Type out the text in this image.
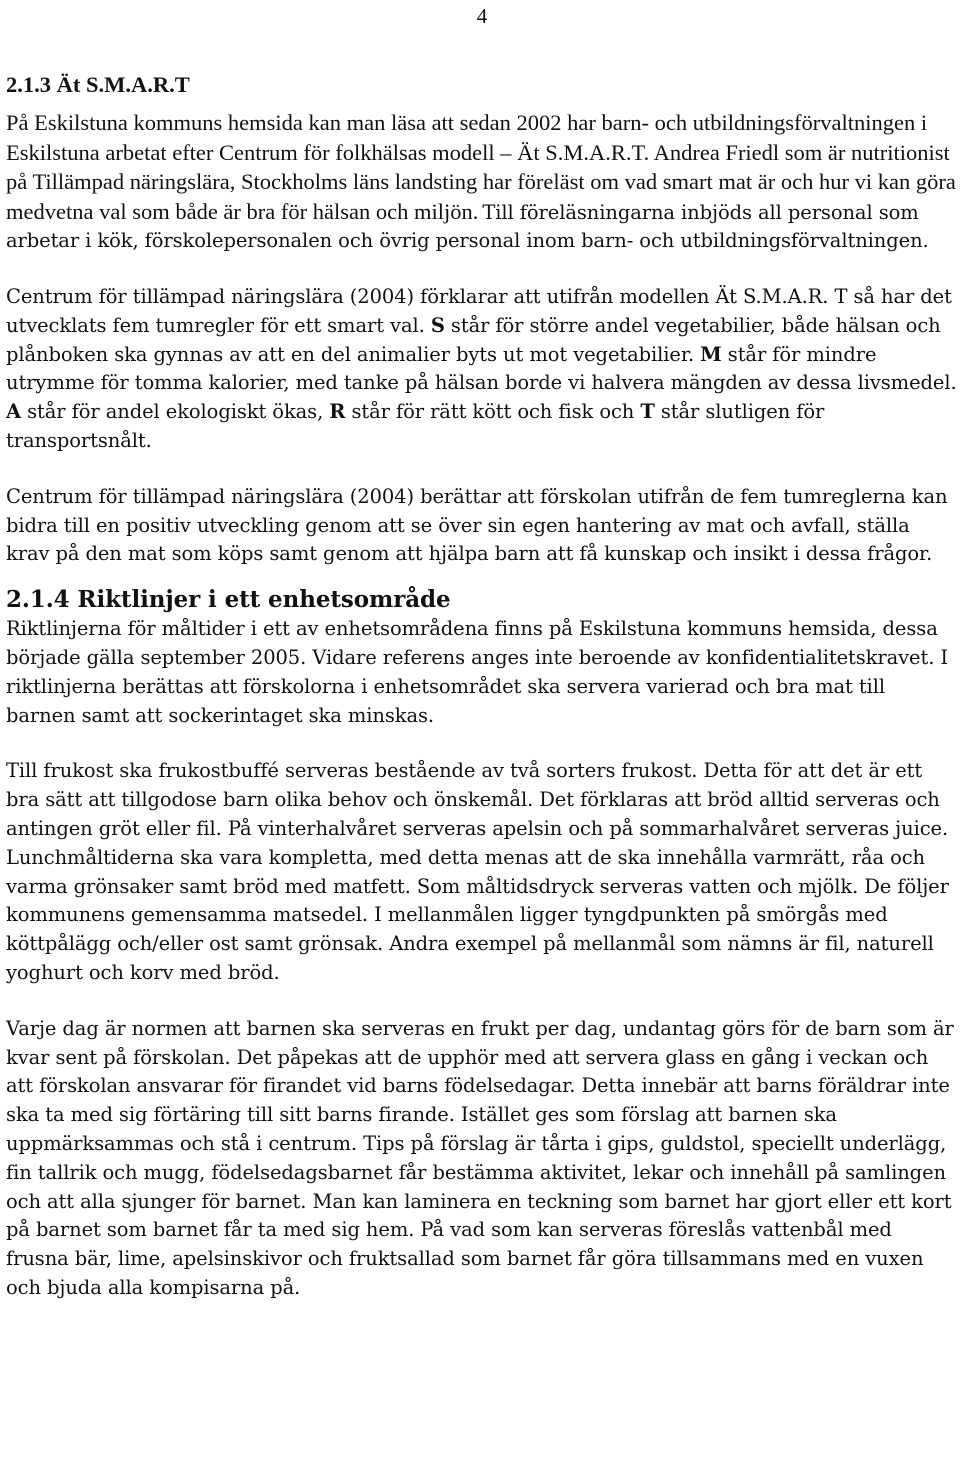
4
2.1.3 Ät S.M.A.R.T

På Eskilstuna kommuns hemsida kan man läsa att sedan 2002 har barn- och utbildningsförvaltningen i Eskilstuna arbetat efter Centrum för folkhälsas modell – Ät S.M.A.R.T. Andrea Friedl som är nutritionist på Tillämpad näringslära, Stockholms läns landsting har föreläst om vad smart mat är och hur vi kan göra medvetna val som både är bra för hälsan och miljön. Till föreläsningarna inbjöds all personal som arbetar i kök, förskolepersonalen och övrig personal inom barn- och utbildningsförvaltningen.

Centrum för tillämpad näringslära (2004) förklarar att utifrån modellen Ät S.M.A.R. T så har det utvecklats fem tumregler för ett smart val. S står för större andel vegetabilier, både hälsan och plånboken ska gynnas av att en del animalier byts ut mot vegetabilier. M står för mindre utrymme för tomma kalorier, med tanke på hälsan borde vi halvera mängden av dessa livsmedel. A står för andel ekologiskt ökas, R står för rätt kött och fisk och T står slutligen för transportsnålt.

Centrum för tillämpad näringslära (2004) berättar att förskolan utifrån de fem tumreglerna kan bidra till en positiv utveckling genom att se över sin egen hantering av mat och avfall, ställa krav på den mat som köps samt genom att hjälpa barn att få kunskap och insikt i dessa frågor.

2.1.4 Riktlinjer i ett enhetsområde

Riktlinjerna för måltider i ett av enhetsområdena finns på Eskilstuna kommuns hemsida, dessa började gälla september 2005. Vidare referens anges inte beroende av konfidentialitetskravet. I riktlinjerna berättas att förskolorna i enhetsområdet ska servera varierad och bra mat till barnen samt att sockerintaget ska minskas.

Till frukost ska frukostbuffé serveras bestående av två sorters frukost. Detta för att det är ett bra sätt att tillgodose barn olika behov och önskemål. Det förklaras att bröd alltid serveras och antingen gröt eller fil. På vinterhalvåret serveras apelsin och på sommarhalvåret serveras juice. Lunchmåltiderna ska vara kompletta, med detta menas att de ska innehålla varmrätt, råa och varma grönsaker samt bröd med matfett. Som måltidsdryck serveras vatten och mjölk. De följer kommunens gemensamma matsedel. I mellanmålen ligger tyngdpunkten på smörgås med köttpålägg och/eller ost samt grönsak. Andra exempel på mellanmål som nämns är fil, naturell yoghurt och korv med bröd.

Varje dag är normen att barnen ska serveras en frukt per dag, undantag görs för de barn som är kvar sent på förskolan. Det påpekas att de upphör med att servera glass en gång i veckan och att förskolan ansvarar för firandet vid barns födelsedagar. Detta innebär att barns föräldrar inte ska ta med sig förtäring till sitt barns firande. Istället ges som förslag att barnen ska uppmärksammas och stå i centrum. Tips på förslag är tårta i gips, guldstol, speciellt underlägg, fin tallrik och mugg, födelsedagsbarnet får bestämma aktivitet, lekar och innehåll på samlingen och att alla sjunger för barnet. Man kan laminera en teckning som barnet har gjort eller ett kort på barnet som barnet får ta med sig hem. På vad som kan serveras föreslås vattenbål med frusna bär, lime, apelsinskivor och fruktsallad som barnet får göra tillsammans med en vuxen och bjuda alla kompisarna på.
